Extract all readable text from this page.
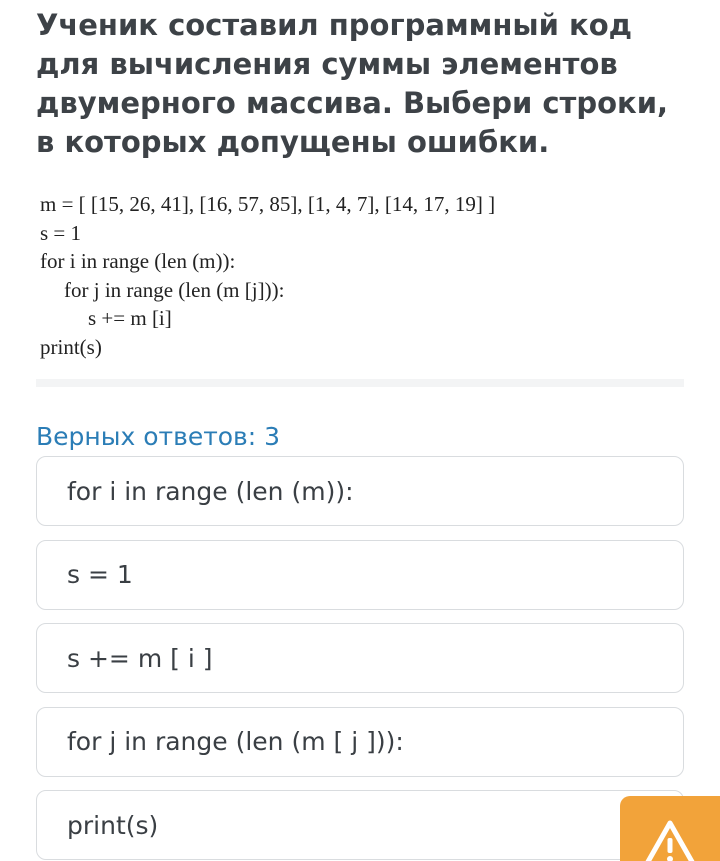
Ученик составил программный код для вычисления суммы элементов двумерного массива. Выбери строки, в которых допущены ошибки.
m = [ [15, 26, 41], [16, 57, 85], [1, 4, 7], [14, 17, 19] ]
s = 1
for i in range (len (m)):
for j in range (len (m [j])):
s += m [i]
print(s)
Верных ответов: 3
for i in range (len (m)):
s = 1
s += m [ i ]
for j in range (len (m [ j ])):
print(s)
